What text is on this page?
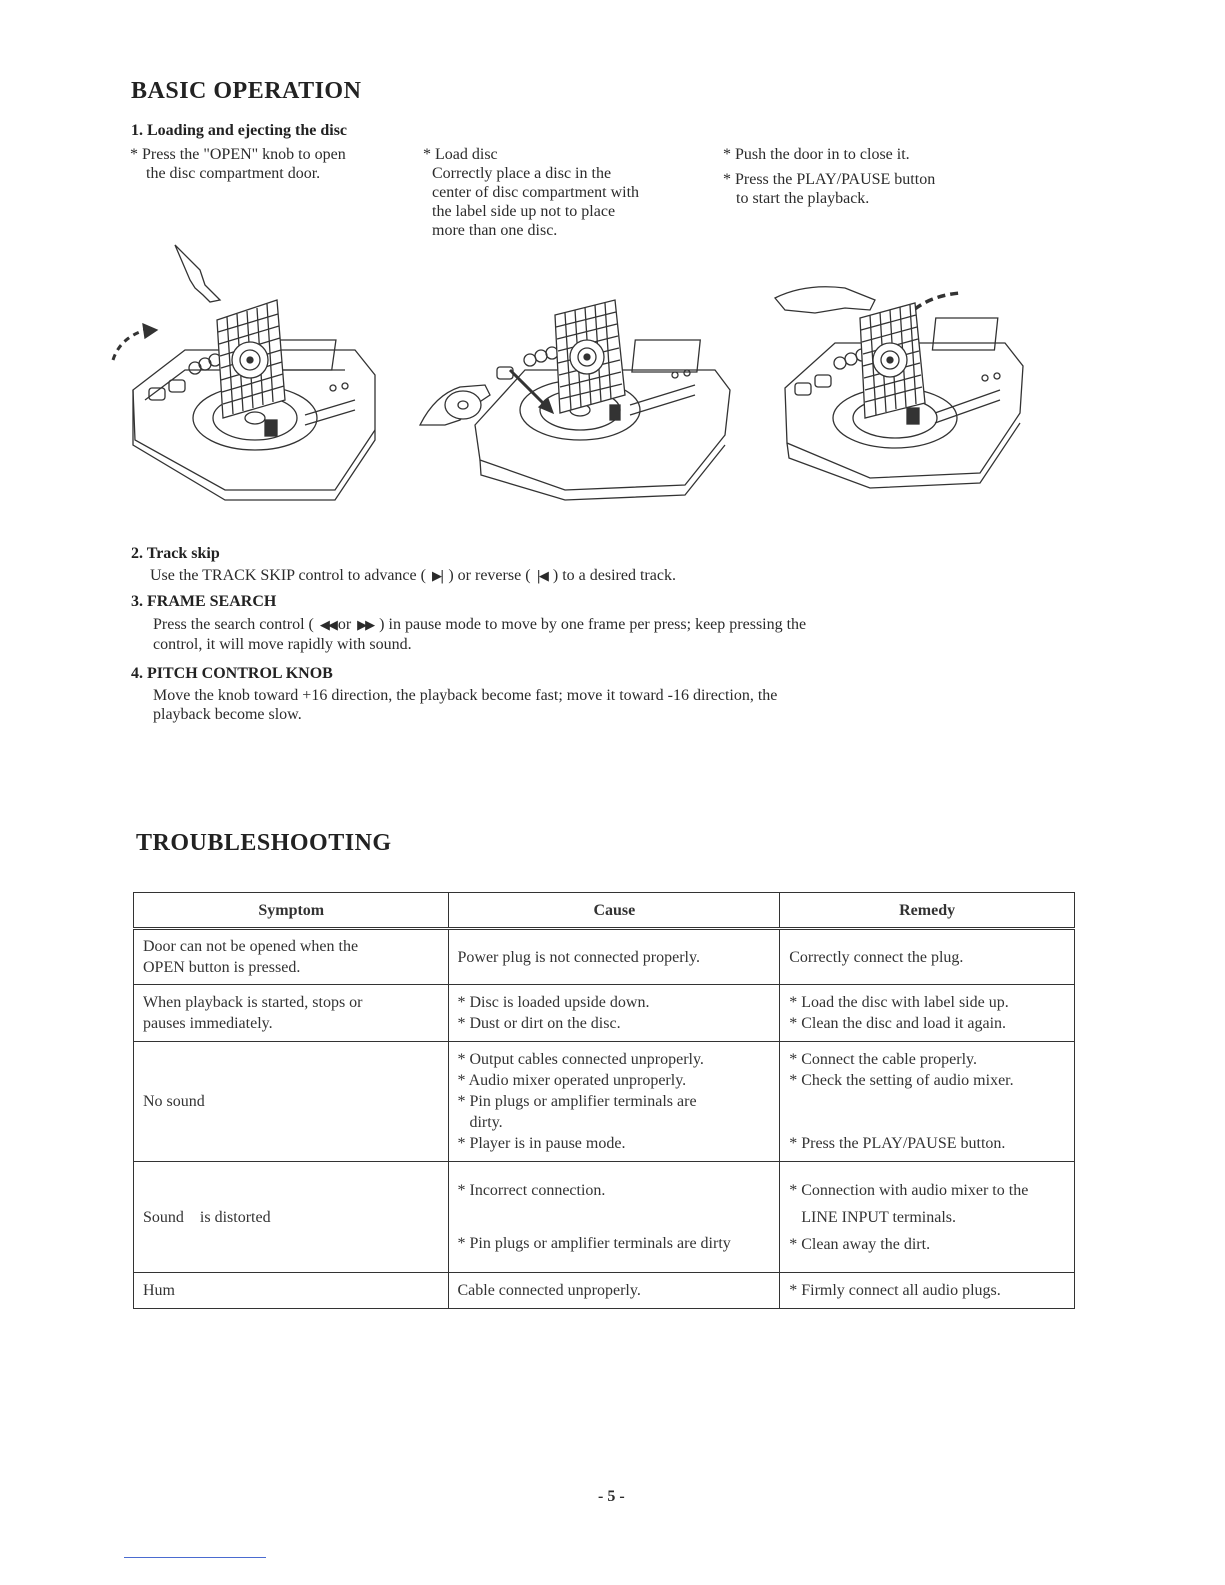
BASIC OPERATION
1. Loading and ejecting the disc
* Press the "OPEN" knob to open
the disc compartment door.
* Load disc
Correctly place a disc in the
center of disc compartment with
the label side up not to place
more than one disc.
* Push the door in to close it.
* Press the PLAY/PAUSE button
to start the playback.
2. Track skip
Use the TRACK SKIP control to advance ( ▶| ) or reverse ( |◀ ) to a desired track.
3. FRAME SEARCH
Press the search control ( ◀◀ or ▶▶ ) in pause mode to move by one frame per press; keep pressing the
control, it will move rapidly with sound.
4. PITCH CONTROL KNOB
Move the knob toward +16 direction, the playback become fast; move it toward -16 direction, the
playback become slow.
TROUBLESHOOTING
Symptom	Cause	Remedy

Door can not be opened when the
OPEN button is pressed.	Power plug is not connected properly.	Correctly connect the plug.

When playback is started, stops or
pauses immediately.	* Disc is loaded upside down.
* Dust or dirt on the disc.	* Load the disc with label side up.
* Clean the disc and load it again.

No sound	* Output cables connected unproperly.
* Audio mixer operated unproperly.
* Pin plugs or amplifier terminals are
dirty.
* Player is in pause mode.	* Connect the cable properly.
* Check the setting of audio mixer.
* Press the PLAY/PAUSE button.

Sound    is distorted	* Incorrect connection.
* Pin plugs or amplifier terminals are dirty	* Connection with audio mixer to the
LINE INPUT terminals.
* Clean away the dirt.

Hum	Cable connected unproperly.	* Firmly connect all audio plugs.
- 5 -
